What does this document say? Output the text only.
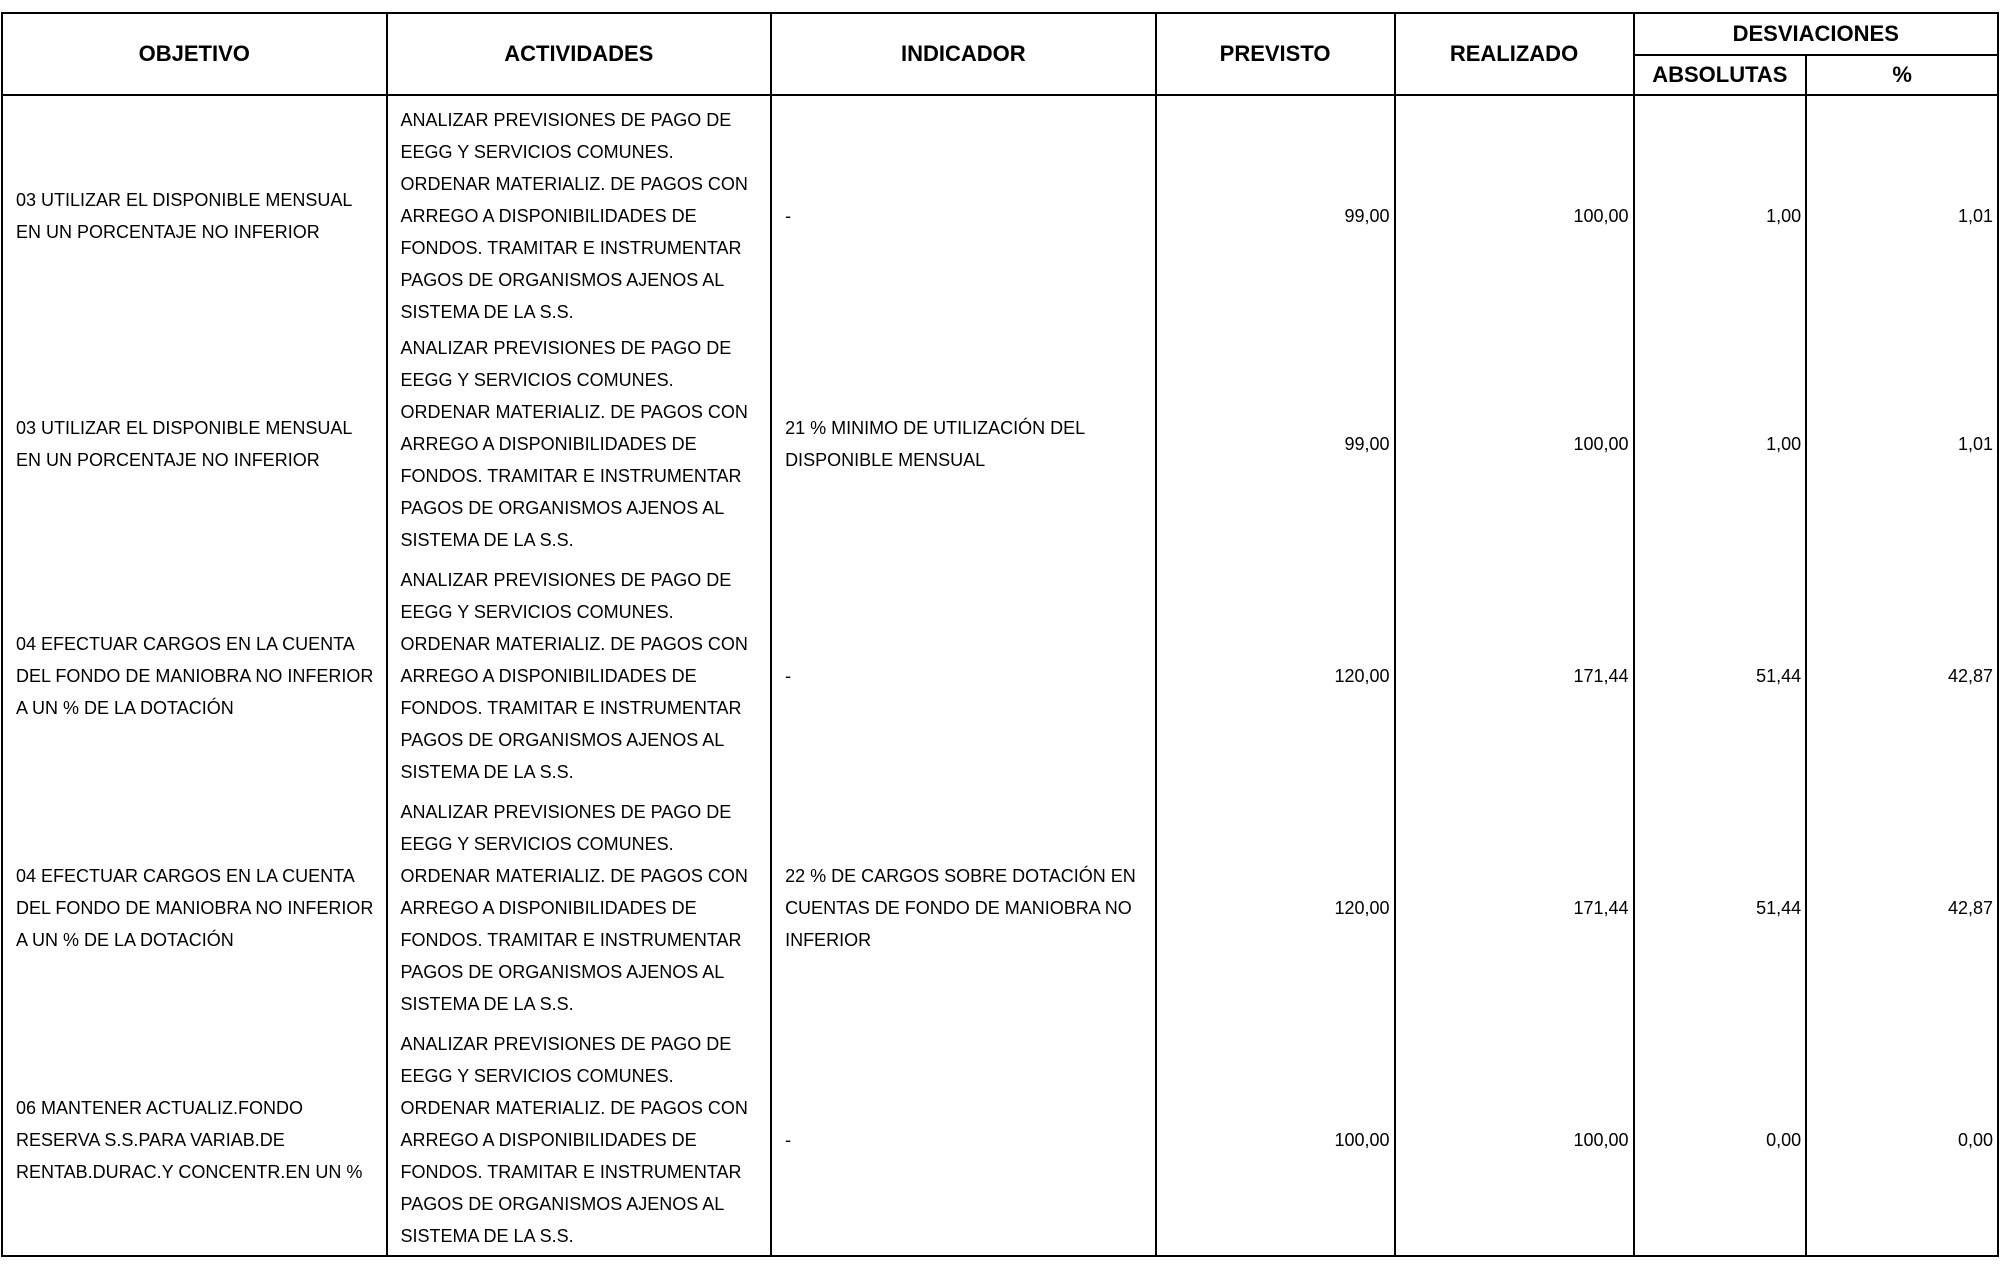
OBJETIVO	ACTIVIDADES	INDICADOR	PREVISTO	REALIZADO	DESVIACIONES	
					ABSOLUTAS	%
03 UTILIZAR EL DISPONIBLE MENSUAL EN UN PORCENTAJE NO INFERIOR	ANALIZAR PREVISIONES DE PAGO DE EEGG Y SERVICIOS COMUNES. ORDENAR MATERIALIZ. DE PAGOS CON ARREGO A DISPONIBILIDADES DE FONDOS. TRAMITAR E INSTRUMENTAR PAGOS DE ORGANISMOS AJENOS AL SISTEMA DE LA S.S.	-	99,00	100,00	1,00	1,01
03 UTILIZAR EL DISPONIBLE MENSUAL EN UN PORCENTAJE NO INFERIOR	ANALIZAR PREVISIONES DE PAGO DE EEGG Y SERVICIOS COMUNES. ORDENAR MATERIALIZ. DE PAGOS CON ARREGO A DISPONIBILIDADES DE FONDOS. TRAMITAR E INSTRUMENTAR PAGOS DE ORGANISMOS AJENOS AL SISTEMA DE LA S.S.	21 % MINIMO DE UTILIZACIÓN DEL DISPONIBLE MENSUAL	99,00	100,00	1,00	1,01
04 EFECTUAR CARGOS EN LA CUENTA DEL FONDO DE MANIOBRA NO INFERIOR A UN % DE LA DOTACIÓN	ANALIZAR PREVISIONES DE PAGO DE EEGG Y SERVICIOS COMUNES. ORDENAR MATERIALIZ. DE PAGOS CON ARREGO A DISPONIBILIDADES DE FONDOS. TRAMITAR E INSTRUMENTAR PAGOS DE ORGANISMOS AJENOS AL SISTEMA DE LA S.S.	-	120,00	171,44	51,44	42,87
04 EFECTUAR CARGOS EN LA CUENTA DEL FONDO DE MANIOBRA NO INFERIOR A UN % DE LA DOTACIÓN	ANALIZAR PREVISIONES DE PAGO DE EEGG Y SERVICIOS COMUNES. ORDENAR MATERIALIZ. DE PAGOS CON ARREGO A DISPONIBILIDADES DE FONDOS. TRAMITAR E INSTRUMENTAR PAGOS DE ORGANISMOS AJENOS AL SISTEMA DE LA S.S.	22 % DE CARGOS SOBRE DOTACIÓN EN CUENTAS DE FONDO DE MANIOBRA NO INFERIOR	120,00	171,44	51,44	42,87
06 MANTENER ACTUALIZ.FONDO RESERVA S.S.PARA VARIAB.DE RENTAB.DURAC.Y CONCENTR.EN UN %	ANALIZAR PREVISIONES DE PAGO DE EEGG Y SERVICIOS COMUNES. ORDENAR MATERIALIZ. DE PAGOS CON ARREGO A DISPONIBILIDADES DE FONDOS. TRAMITAR E INSTRUMENTAR PAGOS DE ORGANISMOS AJENOS AL SISTEMA DE LA S.S.	-	100,00	100,00	0,00	0,00
